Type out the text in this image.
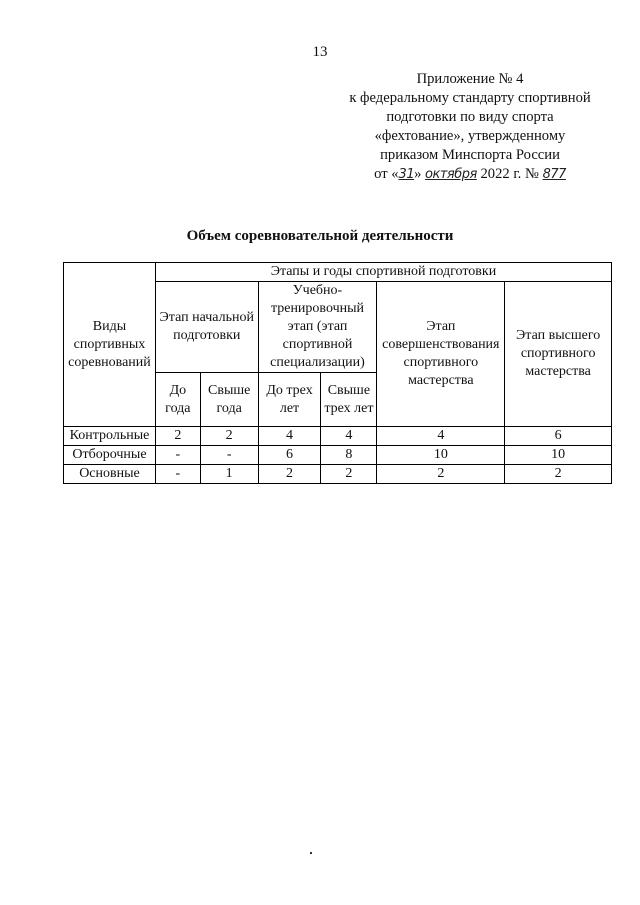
13
Приложение № 4
к федеральному стандарту спортивной
подготовки по виду спорта
«фехтование», утвержденному
приказом Минспорта России
от «31» октября 2022 г. № 877
Объем соревновательной деятельности
Виды спортивных соревнований	Этапы и годы спортивной подготовки					
	Этап начальной подготовки		Учебно-тренировочный этап (этап спортивной специализации)		Этап совершенствования спортивного мастерства	Этап высшего спортивного мастерства
	До года	Свыше года	До трех лет	Свыше трех лет		
Контрольные	2	2	4	4	4	6
Отборочные	-	-	6	8	10	10
Основные	-	1	2	2	2	2
